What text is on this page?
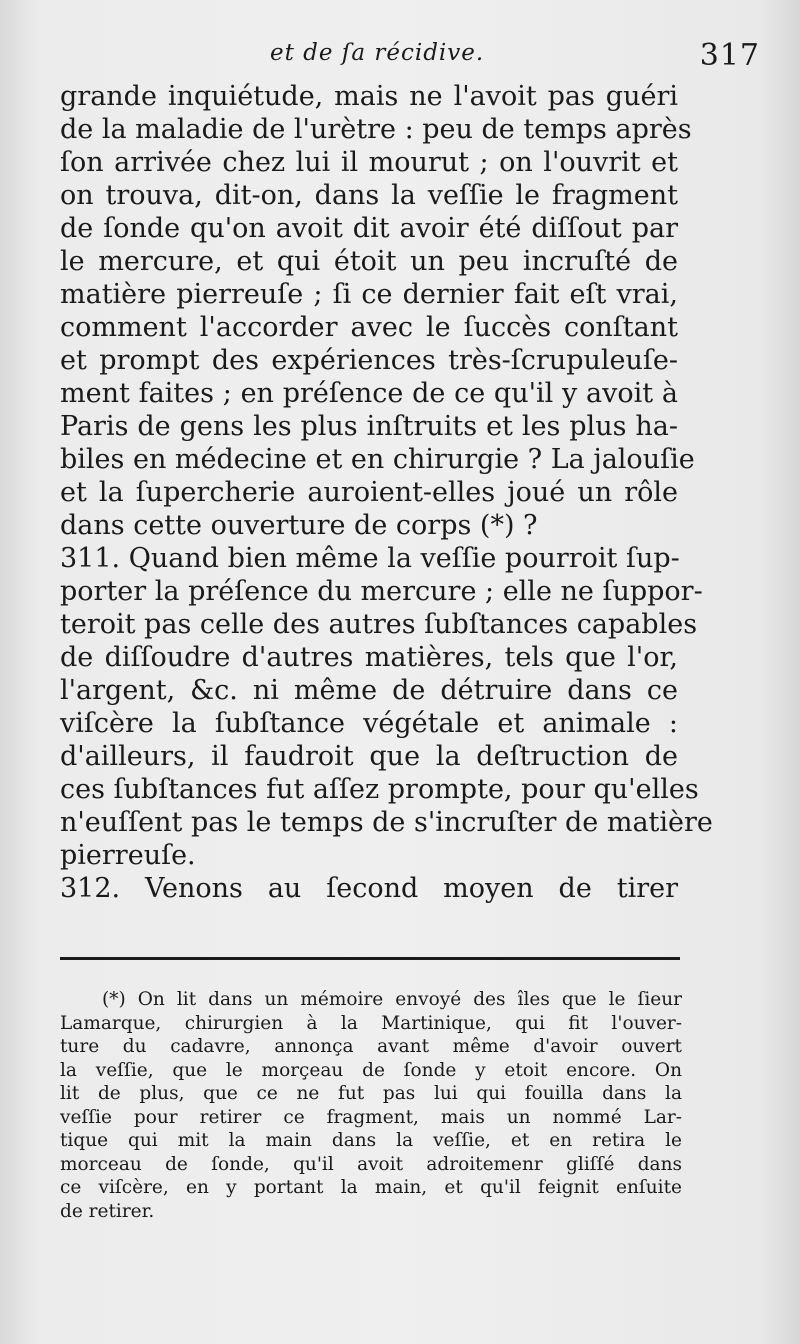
et de ſa récidive.	317
grande inquiétude, mais ne l'avoit pas guéri
de la maladie de l'urètre : peu de temps après
ſon arrivée chez lui il mourut ; on l'ouvrit et
on trouva, dit-on, dans la veſſie le fragment
de ſonde qu'on avoit dit avoir été diſſout par
le mercure, et qui étoit un peu incruſté de
matière pierreuſe ; ſi ce dernier fait eſt vrai,
comment l'accorder avec le ſuccès conſtant
et prompt des expériences très-ſcrupuleuſe-
ment faites ; en préſence de ce qu'il y avoit à
Paris de gens les plus inſtruits et les plus ha-
biles en médecine et en chirurgie ? La jalouſie
et la ſupercherie auroient-elles joué un rôle
dans cette ouverture de corps (*) ?
311. Quand bien même la veſſie pourroit ſup-
porter la préſence du mercure ; elle ne ſuppor-
teroit pas celle des autres ſubſtances capables
de diſſoudre d'autres matières, tels que l'or,
l'argent, &c. ni même de détruire dans ce
viſcère la ſubſtance végétale et animale :
d'ailleurs, il faudroit que la deſtruction de
ces ſubſtances fut aſſez prompte, pour qu'elles
n'euſſent pas le temps de s'incruſter de matière
pierreuſe.
312. Venons au ſecond moyen de tirer
(*) On lit dans un mémoire envoyé des îles que le ſieur
Lamarque, chirurgien à la Martinique, qui fit l'ouver-
ture du cadavre, annonça avant même d'avoir ouvert
la veſſie, que le morçeau de ſonde y etoit encore. On
lit de plus, que ce ne fut pas lui qui fouilla dans la
veſſie pour retirer ce fragment, mais un nommé Lar-
tique qui mit la main dans la veſſie, et en retira le
morceau de ſonde, qu'il avoit adroitemenr gliſſé dans
ce viſcère, en y portant la main, et qu'il feignit enſuite
de retirer.
